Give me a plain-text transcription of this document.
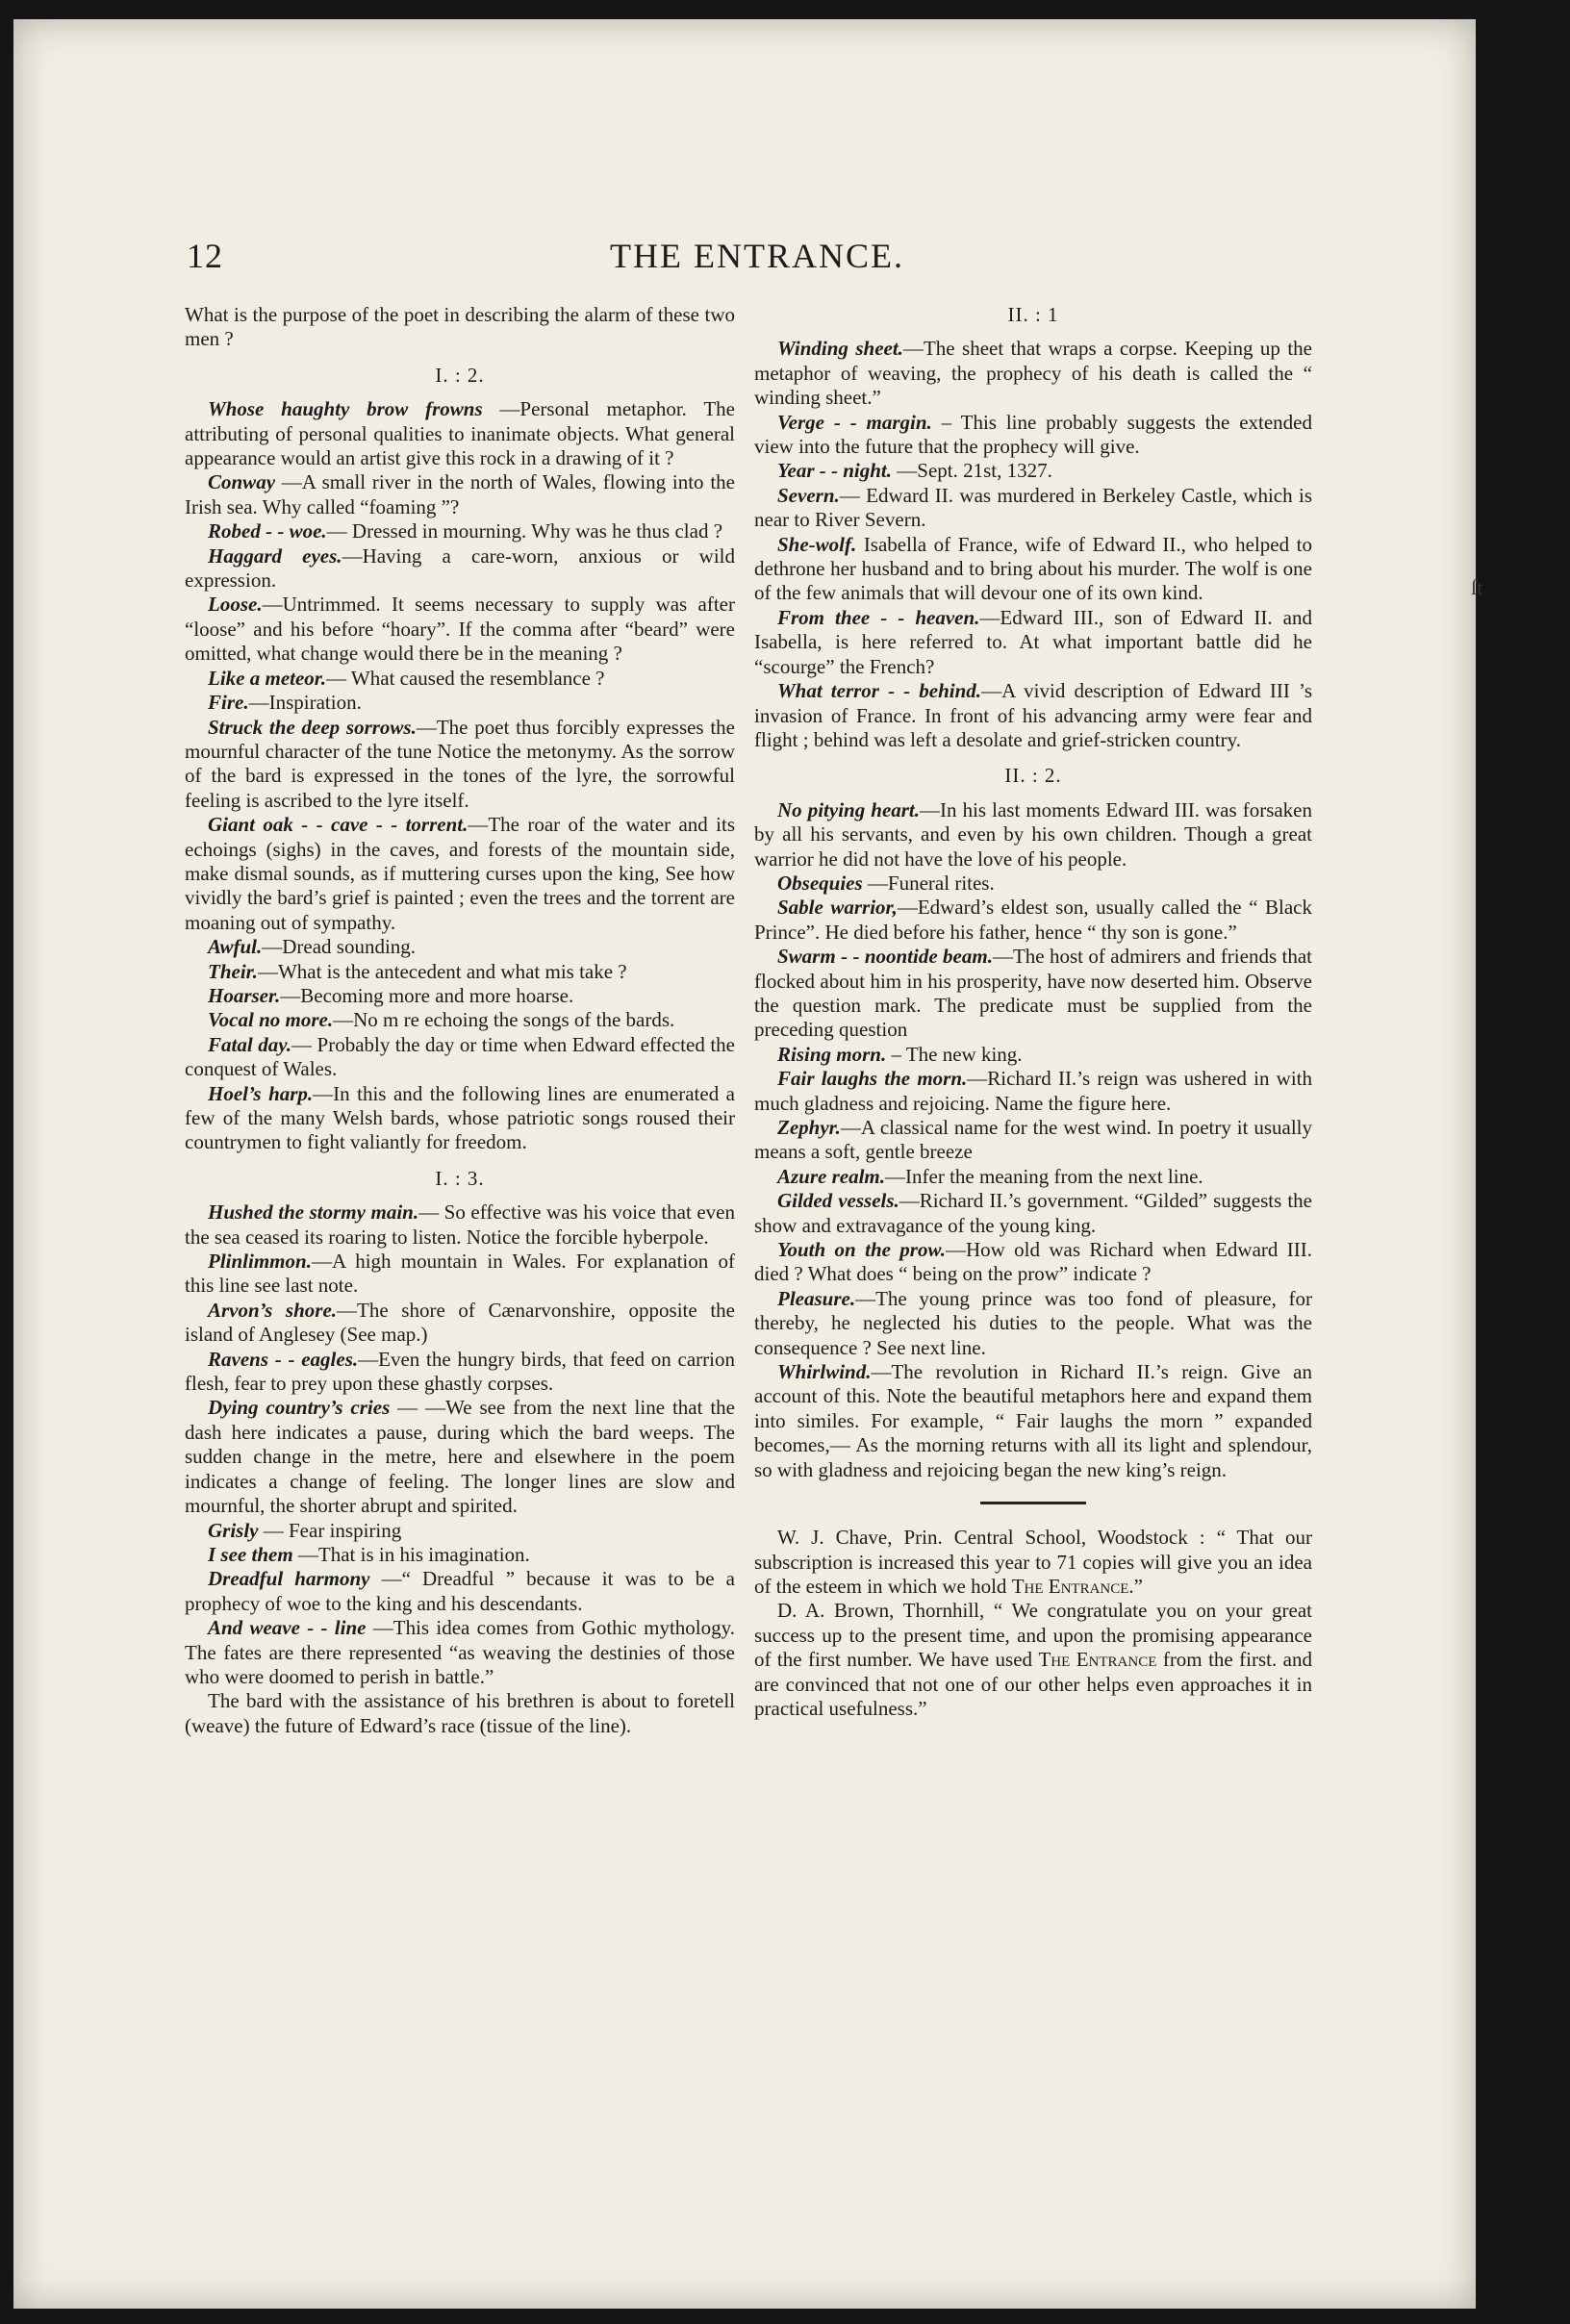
12	THE ENTRANCE.

What is the purpose of the poet in describing the alarm of these two men ?

I. : 2.

Whose haughty brow frowns —Personal metaphor. The attributing of personal qualities to inanimate objects. What general appearance would an artist give this rock in a drawing of it ?

Conway —A small river in the north of Wales, flowing into the Irish sea. Why called “foaming ”?

Robed - - woe.— Dressed in mourning. Why was he thus clad ?

Haggard eyes.—Having a care-worn, anxious or wild expression.

Loose.—Untrimmed. It seems necessary to supply was after “loose” and his before “hoary”. If the comma after “beard” were omitted, what change would there be in the meaning ?

Like a meteor.— What caused the resemblance ?

Fire.—Inspiration.

Struck the deep sorrows.—The poet thus forcibly expresses the mournful character of the tune Notice the metonymy. As the sorrow of the bard is expressed in the tones of the lyre, the sorrowful feeling is ascribed to the lyre itself.

Giant oak - - cave - - torrent.—The roar of the water and its echoings (sighs) in the caves, and forests of the mountain side, make dismal sounds, as if muttering curses upon the king, See how vividly the bard’s grief is painted ; even the trees and the torrent are moaning out of sympathy.

Awful.—Dread sounding.

Their.—What is the antecedent and what mis take ?

Hoarser.—Becoming more and more hoarse.

Vocal no more.—No m re echoing the songs of the bards.

Fatal day.— Probably the day or time when Edward effected the conquest of Wales.

Hoel’s harp.—In this and the following lines are enumerated a few of the many Welsh bards, whose patriotic songs roused their countrymen to fight valiantly for freedom.

I. : 3.

Hushed the stormy main.— So effective was his voice that even the sea ceased its roaring to listen. Notice the forcible hyberpole.

Plinlimmon.—A high mountain in Wales. For explanation of this line see last note.

Arvon’s shore.—The shore of Cænarvonshire, opposite the island of Anglesey (See map.)

Ravens - - eagles.—Even the hungry birds, that feed on carrion flesh, fear to prey upon these ghastly corpses.

Dying country’s cries — —We see from the next line that the dash here indicates a pause, during which the bard weeps. The sudden change in the metre, here and elsewhere in the poem indicates a change of feeling. The longer lines are slow and mournful, the shorter abrupt and spirited.

Grisly — Fear inspiring

I see them —That is in his imagination.

Dreadful harmony —“ Dreadful ” because it was to be a prophecy of woe to the king and his descendants.

And weave - - line —This idea comes from Gothic mythology. The fates are there represented “as weaving the destinies of those who were doomed to perish in battle.”

The bard with the assistance of his brethren is about to foretell (weave) the future of Edward’s race (tissue of the line).

II. : 1

Winding sheet.—The sheet that wraps a corpse. Keeping up the metaphor of weaving, the prophecy of his death is called the “ winding sheet.”

Verge - - margin. – This line probably suggests the extended view into the future that the prophecy will give.

Year - - night. —Sept. 21st, 1327.

Severn.— Edward II. was murdered in Berkeley Castle, which is near to River Severn.

She-wolf. Isabella of France, wife of Edward II., who helped to dethrone her husband and to bring about his murder. The wolf is one of the few animals that will devour one of its own kind.

From thee - - heaven.—Edward III., son of Edward II. and Isabella, is here referred to. At what important battle did he “scourge” the French?

What terror - - behind.—A vivid description of Edward III ’s invasion of France. In front of his advancing army were fear and flight ; behind was left a desolate and grief-stricken country.

II. : 2.

No pitying heart.—In his last moments Edward III. was forsaken by all his servants, and even by his own children. Though a great warrior he did not have the love of his people.

Obsequies —Funeral rites.

Sable warrior,—Edward’s eldest son, usually called the “ Black Prince”. He died before his father, hence “ thy son is gone.”

Swarm - - noontide beam.—The host of admirers and friends that flocked about him in his prosperity, have now deserted him. Observe the question mark. The predicate must be supplied from the preceding question

Rising morn. – The new king.

Fair laughs the morn.—Richard II.’s reign was ushered in with much gladness and rejoicing. Name the figure here.

Zephyr.—A classical name for the west wind. In poetry it usually means a soft, gentle breeze

Azure realm.—Infer the meaning from the next line.

Gilded vessels.—Richard II.’s government. “Gilded” suggests the show and extravagance of the young king.

Youth on the prow.—How old was Richard when Edward III. died ? What does “ being on the prow” indicate ?

Pleasure.—The young prince was too fond of pleasure, for thereby, he neglected his duties to the people. What was the consequence ? See next line.

Whirlwind.—The revolution in Richard II.’s reign. Give an account of this. Note the beautiful metaphors here and expand them into similes. For example, “ Fair laughs the morn ” expanded becomes,— As the morning returns with all its light and splendour, so with gladness and rejoicing began the new king’s reign.

W. J. Chave, Prin. Central School, Woodstock : “ That our subscription is increased this year to 71 copies will give you an idea of the esteem in which we hold The Entrance.”

D. A. Brown, Thornhill, “ We congratulate you on your great success up to the present time, and upon the promising appearance of the first number. We have used The Entrance from the first. and are convinced that not one of our other helps even approaches it in practical usefulness.”

ſt
